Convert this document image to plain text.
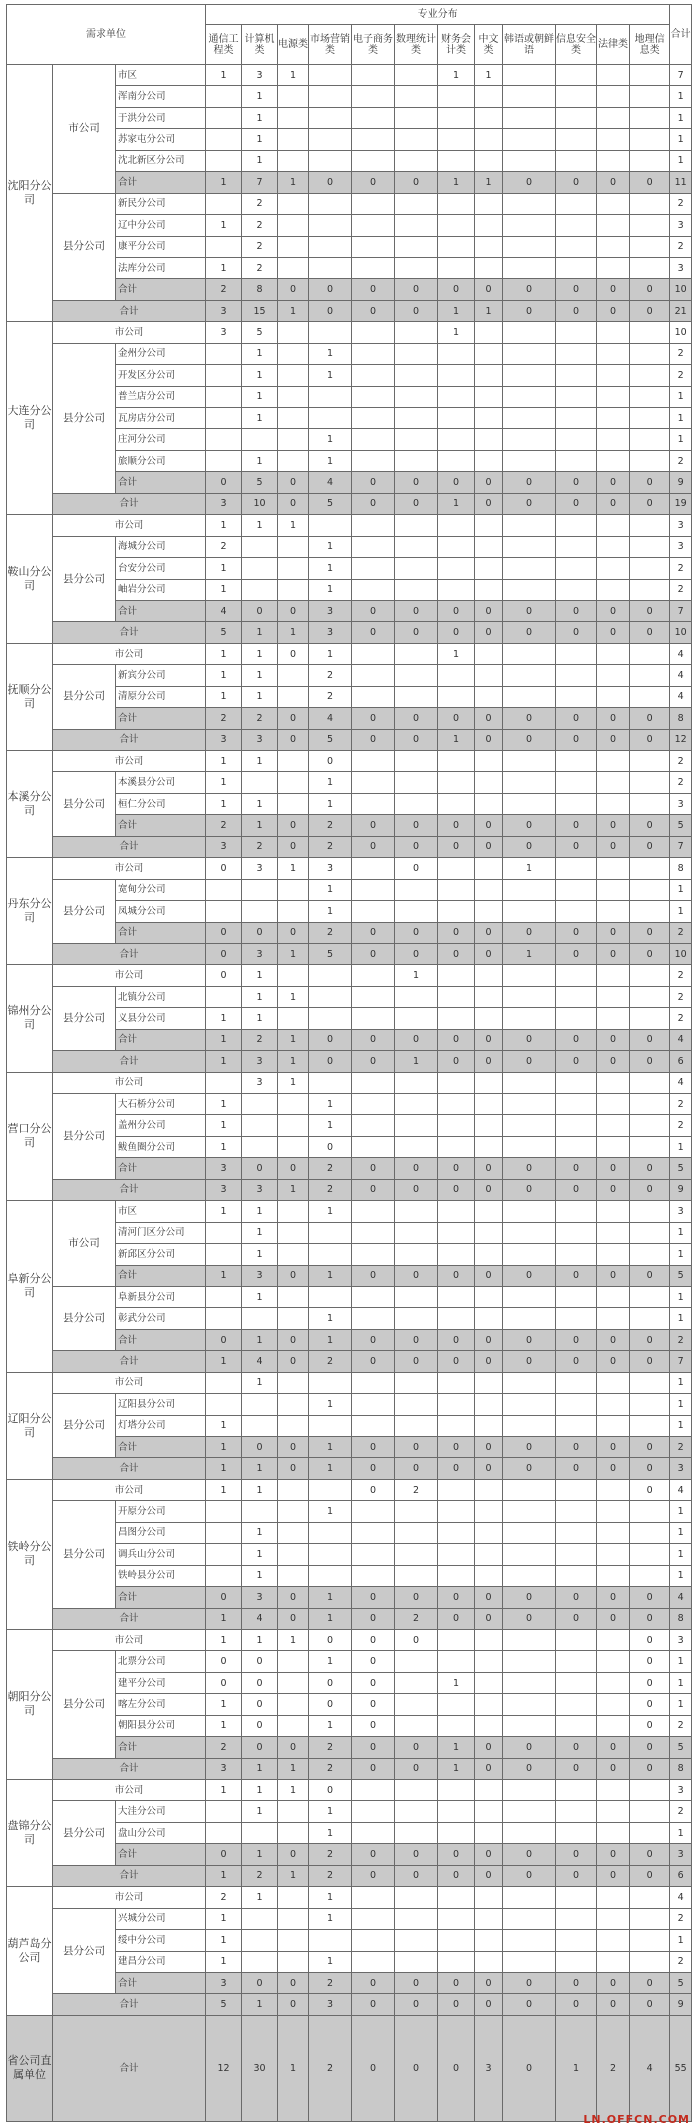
需求单位			专业分布												合计
			通信工程类	计算机类	电源类	市场营销类	电子商务类	数理统计类	财务会计类	中文类	韩语或朝鲜语	信息安全类	法律类	地理信息类	
沈阳分公司	市公司	市区	1	3	1				1	1					7
		浑南分公司		1											1
		于洪分公司		1											1
		苏家屯分公司		1											1
		沈北新区分公司		1											1
		合计	1	7	1	0	0	0	1	1	0	0	0	0	11
	县分公司	新民分公司		2											2
		辽中分公司	1	2											3
		康平分公司		2											2
		法库分公司	1	2											3
		合计	2	8	0	0	0	0	0	0	0	0	0	0	10
	合计		3	15	1	0	0	0	1	1	0	0	0	0	21
大连分公司	市公司		3	5					1						10
	县分公司	金州分公司		1		1									2
		开发区分公司		1		1									2
		普兰店分公司		1											1
		瓦房店分公司		1											1
		庄河分公司				1									1
		旅顺分公司		1		1									2
		合计	0	5	0	4	0	0	0	0	0	0	0	0	9
	合计		3	10	0	5	0	0	1	0	0	0	0	0	19
鞍山分公司	市公司		1	1	1										3
	县分公司	海城分公司	2			1									3
		台安分公司	1			1									2
		岫岩分公司	1			1									2
		合计	4	0	0	3	0	0	0	0	0	0	0	0	7
	合计		5	1	1	3	0	0	0	0	0	0	0	0	10
抚顺分公司	市公司		1	1	0	1			1						4
	县分公司	新宾分公司	1	1		2									4
		清原分公司	1	1		2									4
		合计	2	2	0	4	0	0	0	0	0	0	0	0	8
	合计		3	3	0	5	0	0	1	0	0	0	0	0	12
本溪分公司	市公司		1	1		0									2
	县分公司	本溪县分公司	1			1									2
		桓仁分公司	1	1		1									3
		合计	2	1	0	2	0	0	0	0	0	0	0	0	5
	合计		3	2	0	2	0	0	0	0	0	0	0	0	7
丹东分公司	市公司		0	3	1	3		0			1				8
	县分公司	宽甸分公司				1									1
		凤城分公司				1									1
		合计	0	0	0	2	0	0	0	0	0	0	0	0	2
	合计		0	3	1	5	0	0	0	0	1	0	0	0	10
锦州分公司	市公司		0	1				1							2
	县分公司	北镇分公司		1	1										2
		义县分公司	1	1											2
		合计	1	2	1	0	0	0	0	0	0	0	0	0	4
	合计		1	3	1	0	0	1	0	0	0	0	0	0	6
营口分公司	市公司			3	1										4
	县分公司	大石桥分公司	1			1									2
		盖州分公司	1			1									2
		鲅鱼圈分公司	1			0									1
		合计	3	0	0	2	0	0	0	0	0	0	0	0	5
	合计		3	3	1	2	0	0	0	0	0	0	0	0	9
阜新分公司	市公司	市区	1	1		1									3
		清河门区分公司		1											1
		新邱区分公司		1											1
		合计	1	3	0	1	0	0	0	0	0	0	0	0	5
	县分公司	阜新县分公司		1											1
		彰武分公司				1									1
		合计	0	1	0	1	0	0	0	0	0	0	0	0	2
	合计		1	4	0	2	0	0	0	0	0	0	0	0	7
辽阳分公司	市公司			1											1
	县分公司	辽阳县分公司				1									1
		灯塔分公司	1												1
		合计	1	0	0	1	0	0	0	0	0	0	0	0	2
	合计		1	1	0	1	0	0	0	0	0	0	0	0	3
铁岭分公司	市公司		1	1			0	2						0	4
	县分公司	开原分公司				1									1
		昌图分公司		1											1
		调兵山分公司		1											1
		铁岭县分公司		1											1
		合计	0	3	0	1	0	0	0	0	0	0	0	0	4
	合计		1	4	0	1	0	2	0	0	0	0	0	0	8
朝阳分公司	市公司		1	1	1	0	0	0						0	3
	县分公司	北票分公司	0	0		1	0							0	1
		建平分公司	0	0		0	0		1					0	1
		喀左分公司	1	0		0	0							0	1
		朝阳县分公司	1	0		1	0							0	2
		合计	2	0	0	2	0	0	1	0	0	0	0	0	5
	合计		3	1	1	2	0	0	1	0	0	0	0	0	8
盘锦分公司	市公司		1	1	1	0									3
	县分公司	大洼分公司		1		1									2
		盘山分公司				1									1
		合计	0	1	0	2	0	0	0	0	0	0	0	0	3
	合计		1	2	1	2	0	0	0	0	0	0	0	0	6
葫芦岛分公司	市公司		2	1		1									4
	县分公司	兴城分公司	1			1									2
		绥中分公司	1												1
		建昌分公司	1			1									2
		合计	3	0	0	2	0	0	0	0	0	0	0	0	5
	合计		5	1	0	3	0	0	0	0	0	0	0	0	9
省公司直属单位	合计		12	30	1	2	0	0	0	3	0	1	2	4	55
LN.OFFCN.COM
